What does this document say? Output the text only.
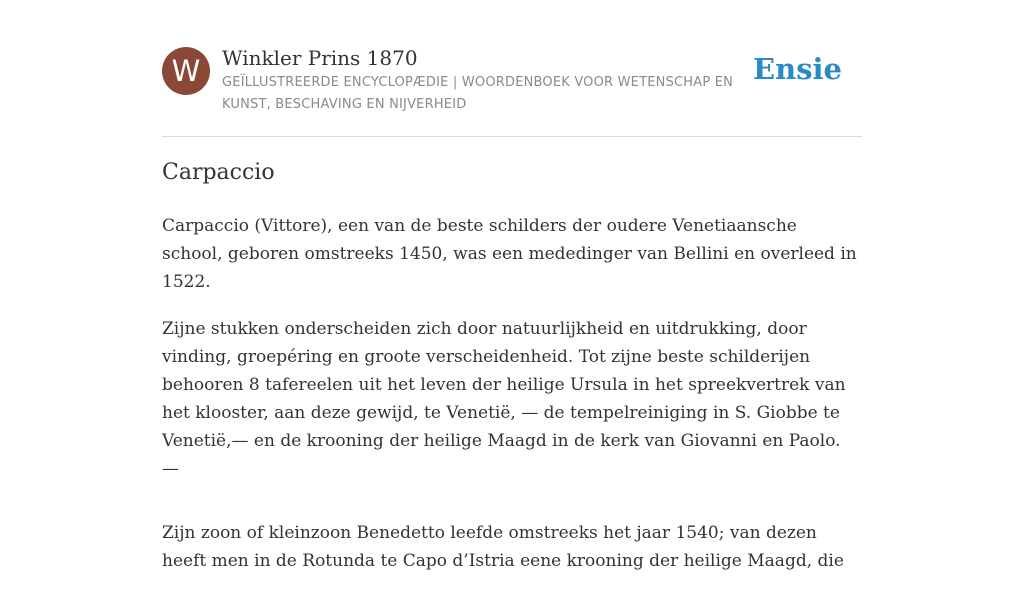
W	Winkler Prins 1870
GEÏLLUSTREERDE ENCYCLOPÆDIE | WOORDENBOEK VOOR WETENSCHAP EN KUNST, BESCHAVING EN NIJVERHEID
Ensie
Carpaccio

Carpaccio (Vittore), een van de beste schilders der oudere Venetiaansche school, geboren omstreeks 1450, was een mededinger van Bellini en overleed in 1522.

Zijne stukken onderscheiden zich door natuurlijkheid en uitdrukking, door vinding, groepéring en groote verscheidenheid. Tot zijne beste schilderijen behooren 8 tafereelen uit het leven der heilige Ursula in het spreekvertrek van het klooster, aan deze gewijd, te Venetië, — de tempelreiniging in S. Giobbe te Venetië,— en de krooning der heilige Maagd in de kerk van Giovanni en Paolo. —

Zijn zoon of kleinzoon Benedetto leefde omstreeks het jaar 1540; van dezen heeft men in de Rotunda te Capo d’Istria eene krooning der heilige Maagd, die
